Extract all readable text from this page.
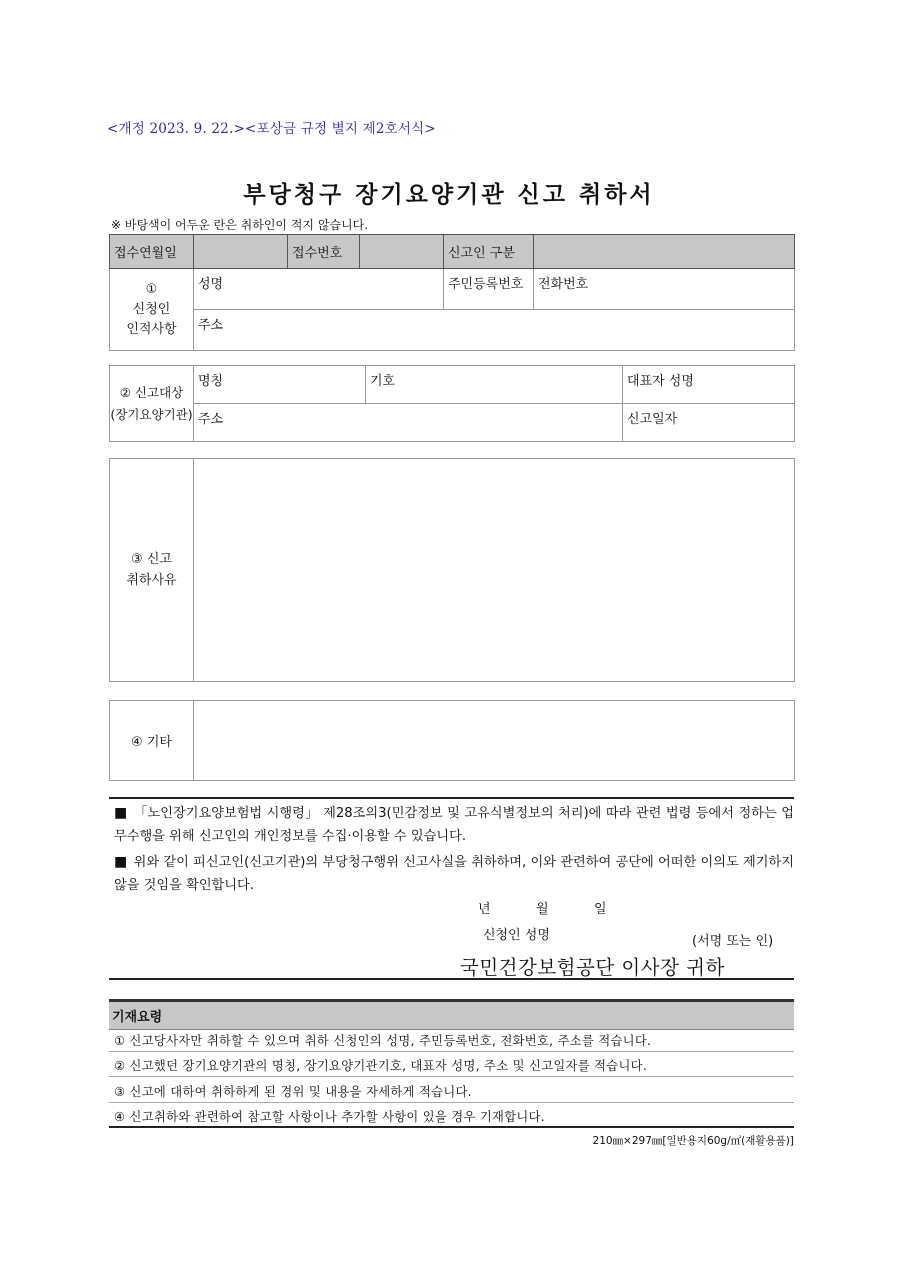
<개정 2023. 9. 22.><포상금 규정 별지 제2호서식>
부당청구 장기요양기관 신고 취하서
※ 바탕색이 어두운 란은 취하인이 적지 않습니다.
접수연월일		접수번호		신고인 구분	

①
신청인
인적사항	성명			주민등록번호	전화번호
	주소				
② 신고대상
(장기요양기관)	명칭	기호	대표자 성명
	주소		신고일자
③ 신고
취하사유

④ 기타	
■ 「노인장기요양보험법 시행령」 제28조의3(민감정보 및 고유식별정보의 처리)에 따라 관련 법령 등에서 정하는 업무수행을 위해 신고인의 개인정보를 수집·이용할 수 있습니다.
■ 위와 같이 피신고인(신고기관)의 부당청구행위 신고사실을 취하하며, 이와 관련하여 공단에 어떠한 이의도 제기하지 않을 것임을 확인합니다.
년	월	일
신청인 성명	(서명 또는 인)
국민건강보험공단 이사장 귀하
기재요령
① 신고당사자만 취하할 수 있으며 취하 신청인의 성명, 주민등록번호, 전화번호, 주소를 적습니다.
② 신고했던 장기요양기관의 명칭, 장기요양기관기호, 대표자 성명, 주소 및 신고일자를 적습니다.
③ 신고에 대하여 취하하게 된 경위 및 내용을 자세하게 적습니다.
④ 신고취하와 관련하여 참고할 사항이나 추가할 사항이 있을 경우 기재합니다.
210㎜×297㎜[일반용지60g/㎡(재활용품)]
